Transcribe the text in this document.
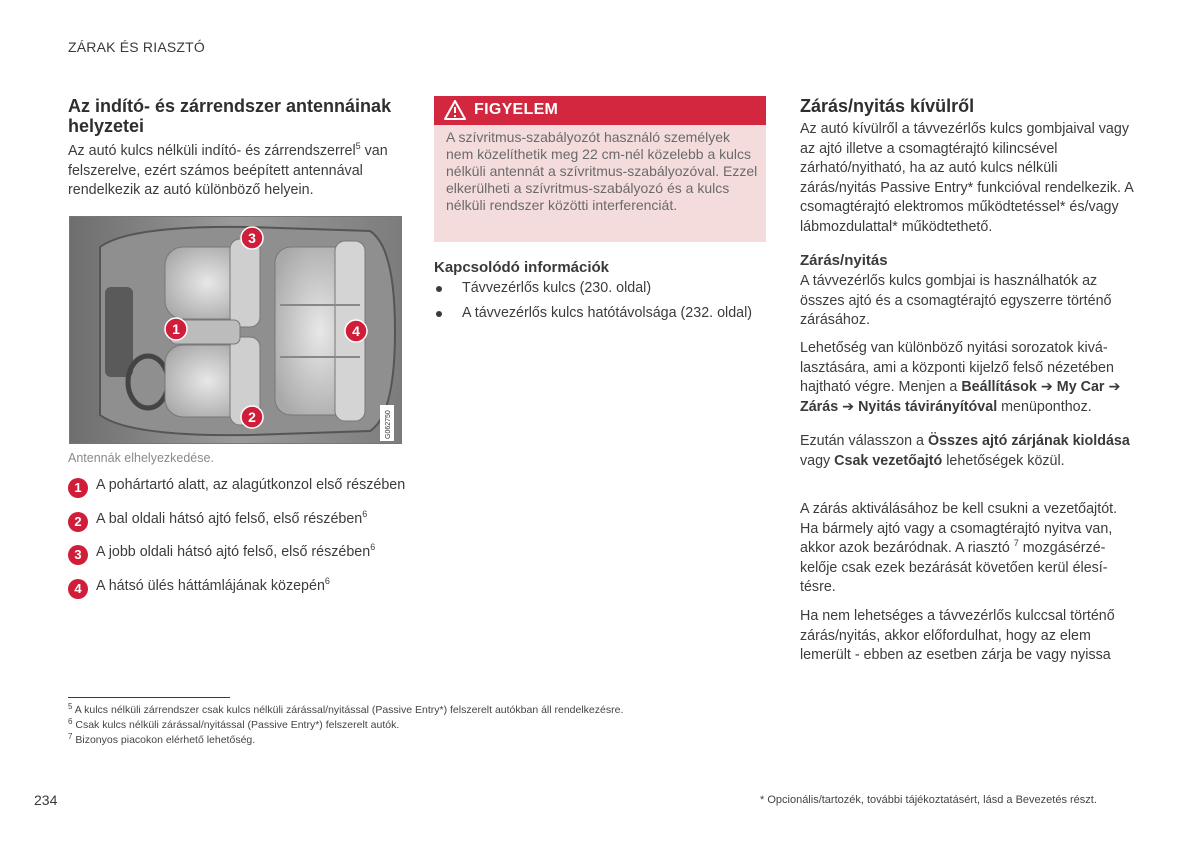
ZÁRAK ÉS RIASZTÓ
Az indító- és zárrendszer antennáinak helyzetei
Az autó kulcs nélküli indító- és zárrendszerrel$^5$ van felszerelve, ezért számos beépített antennával rendelkezik az autó különböző helyein.
1
2
3
4
G062750
Antennák elhelyezkedése.
1	A pohártartó alatt, az alagútkonzol első részében
2	A bal oldali hátsó ajtó felső, első részében$^6$
3	A jobb oldali hátsó ajtó felső, első részében$^6$
4	A hátsó ülés háttámlájának közepén$^6$
FIGYELEM
A szívritmus-szabályozót használó személyek nem közelíthetik meg 22 cm-nél közelebb a kulcs nélküli antennát a szívritmus-szabályozóval. Ezzel elkerülheti a szívritmus-szabályozó és a kulcs nélküli rendszer közötti interferenciát.
Kapcsolódó információk
Távvezérlős kulcs (230. oldal)
A távvezérlős kulcs hatótávolsága (232. oldal)
Zárás/nyitás kívülről
Az autó kívülről a távvezérlős kulcs gombjaival vagy az ajtó illetve a csomagtérajtó kilincsével zárható/nyitható, ha az autó kulcs nélküli zárás/nyitás Passive Entry* funkcióval rendelkezik. A csomagtérajtó elektromos működtetéssel* és/vagy lábmozdulattal* működtethető.
Zárás/nyitás
A távvezérlős kulcs gombjai is használhatók az összes ajtó és a csomagtérajtó egyszerre történő zárásához.
Lehetőség van különböző nyitási sorozatok kiválasztására, ami a központi kijelző felső nézetében hajtható végre. Menjen a Beállítások ➔ My Car ➔ Zárás ➔ Nyitás távirányítóval menüponthoz.
Ezután válasszon a Összes ajtó zárjának kioldása vagy Csak vezetőajtó lehetőségek közül.
A zárás aktiválásához be kell csukni a vezetőajtót. Ha bármely ajtó vagy a csomagtérajtó nyitva van, akkor azok bezáródnak. A riasztó $^7$ mozgásérzékelője csak ezek bezárását követően kerül élesítésre.
Ha nem lehetséges a távvezérlős kulccsal történő zárás/nyitás, akkor előfordulhat, hogy az elem lemerült - ebben az esetben zárja be vagy nyissa
$^5$ A kulcs nélküli zárrendszer csak kulcs nélküli zárással/nyitással (Passive Entry*) felszerelt autókban áll rendelkezésre.
$^6$ Csak kulcs nélküli zárással/nyitással (Passive Entry*) felszerelt autók.
$^7$ Bizonyos piacokon elérhető lehetőség.
234	* Opcionális/tartozék, további tájékoztatásért, lásd a Bevezetés részt.
